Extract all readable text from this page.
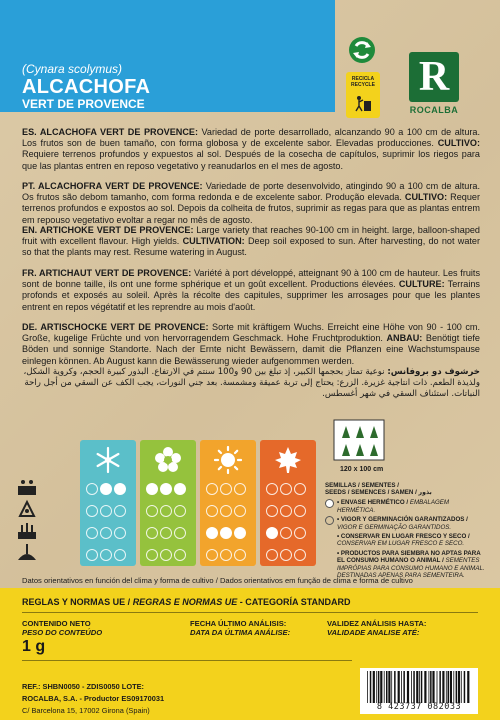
(Cynara scolymus)
ALCACHOFA
VERT DE PROVENCE
RECICLA RECYCLE R
ROCALBA
ES. ALCACHOFA VERT DE PROVENCE: Variedad de porte desarrollado, alcanzando 90 a 100 cm de altura. Los frutos son de buen tamaño, con forma globosa y de excelente sabor. Elevadas producciones. CULTIVO: Requiere terrenos profundos y expuestos al sol. Después de la cosecha de capítulos, suprimir los riegos para que las plantas entren en reposo vegetativo y reanudarlos en el mes de agosto.
PT. ALCACHOFRA VERT DE PROVENCE: Variedade de porte desenvolvido, atingindo 90 a 100 cm de altura. Os frutos são debom tamanho, com forma redonda e de excelente sabor. Produção elevada. CULTIVO: Requer terrenos profundos e expostos ao sol. Depois da colheita de frutos, suprimir as regas para que as plantas entrem em repouso vegetativo evoltar a regar no mês de agosto.
EN. ARTICHOKE VERT DE PROVENCE: Large variety that reaches 90-100 cm in height. large, balloon-shaped fruit with excellent flavour. High yields. CULTIVATION: Deep soil exposed to sun. After harvesting, do not water so that the plants may rest. Resume watering in August.
FR. ARTICHAUT VERT DE PROVENCE: Variété à port développé, atteignant 90 à 100 cm de hauteur. Les fruits sont de bonne taille, ils ont une forme sphérique et un goût excellent. Productions élevées. CULTURE: Terrains profonds et exposés au soleil. Après la récolte des capitules, supprimer les arrosages pour que les plantes entrent en repos végétatif et les reprendre au mois d'août.
DE. ARTISCHOCKE VERT DE PROVENCE: Sorte mit kräftigem Wuchs. Erreicht eine Höhe von 90 - 100 cm. Große, kugelige Früchte und von hervorragendem Geschmack. Hohe Fruchtproduktion. ANBAU: Benötigt tiefe Böden und sonnige Standorte. Nach der Ernte nicht Bewässern, damit die Pflanzen eine Wachstumspause einlegen können. Ab August kann die Bewässerung wieder aufgenommen werden.
خرشوف دو بروفانس: نوعية تمتاز بحجمها الكبير، إذ تبلغ بين 90 و100 سنتم في الارتفاع. البذور كبيرة الحجم، وكروية الشكل، ولذيذة الطعم. ذات انتاجية غزيرة. الزرع: يحتاج إلى تربة عميقة ومشمسة. بعد جني النورات، يجب الكف عن السقي من أجل راحة النباتات. استئناف السقي في شهر أغسطس.
120 x 100 cm
SEMILLAS / SEMENTES /
SEEDS / SEMENCES / SAMEN / بذور
• ENVASE HERMÉTICO / EMBALAGEM HERMÉTICA.
• VIGOR Y GERMINACIÓN GARANTIZADOS / VIGOR E GERMINAÇÃO GARANTIDOS.
• CONSERVAR EN LUGAR FRESCO Y SECO / CONSERVAR EM LUGAR FRESCO E SECO.
• PRODUCTOS PARA SIEMBRA NO APTAS PARA EL CONSUMO HUMANO O ANIMAL / SEMENTES IMPRÓPIAS PARA CONSUMO HUMANO E ANIMAL. DESTINADAS APENAS PARA SEMENTEIRA.
Datos orientativos en función del clima y forma de cultivo / Dados orientativos em função de clima e forma de cultivo
REGLAS Y NORMAS UE / REGRAS E NORMAS UE - CATEGORÍA STANDARD
CONTENIDO NETO
PESO DO CONTEÚDO
1 g
FECHA ÚLTIMO ANÁLISIS:
DATA DA ÚLTIMA ANÁLISE:
VALIDEZ ANÁLISIS HASTA:
VALIDADE ANALISE ATÉ:
REF.: SHBN0050 - ZDIS0050 LOTE:
ROCALBA, S.A. - Productor ES09170031
C/ Barcelona 15, 17002 Girona (Spain)	8 423737 082033
